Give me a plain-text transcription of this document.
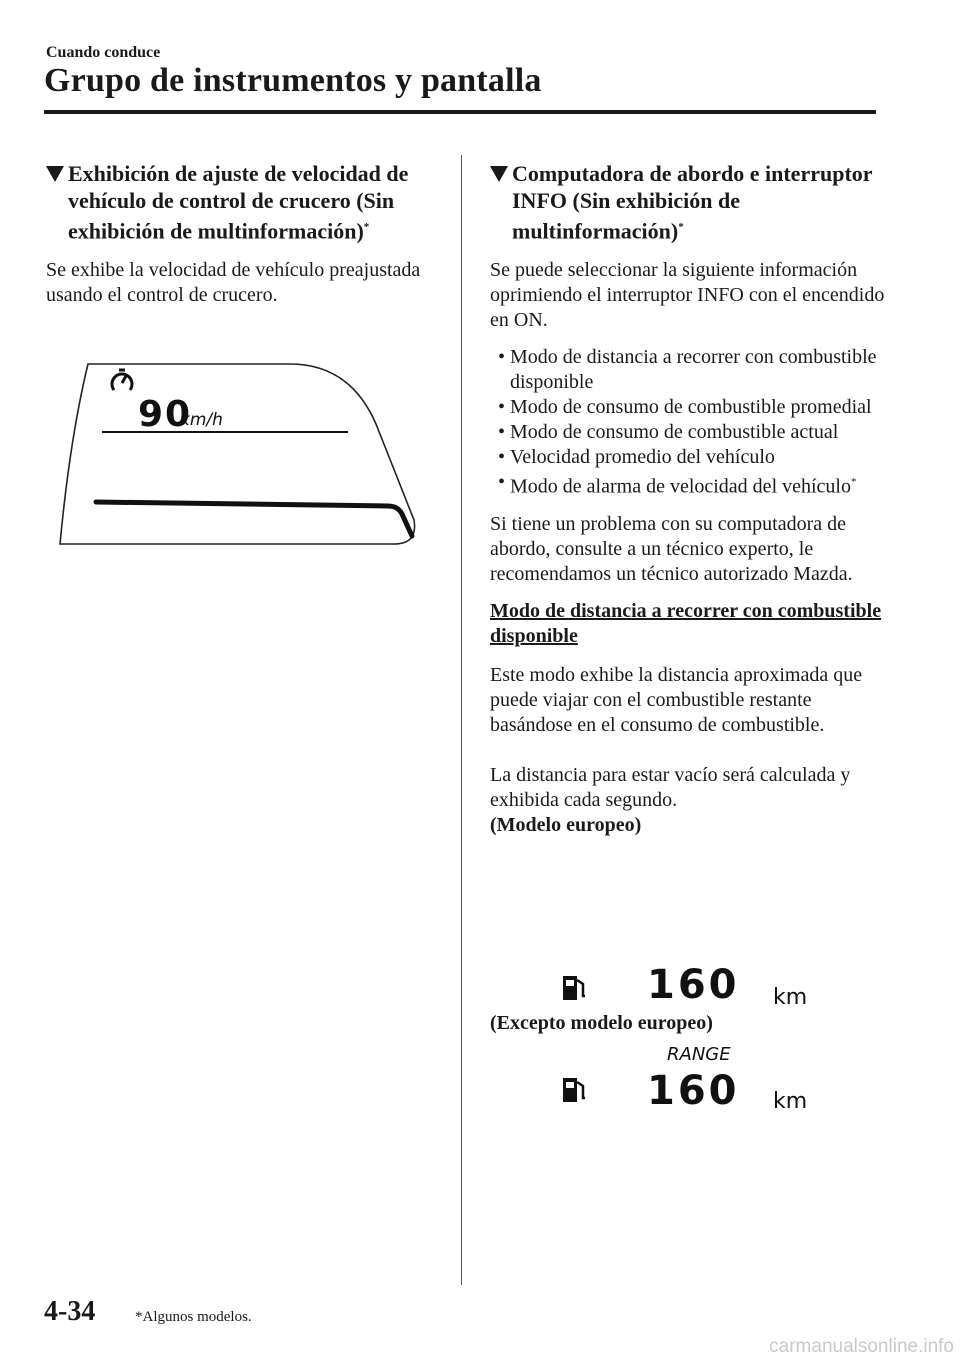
Cuando conduce
Grupo de instrumentos y pantalla
Exhibición de ajuste de velocidad de vehículo de control de crucero (Sin exhibición de multinformación)*

Se exhibe la velocidad de vehículo preajustada usando el control de crucero.

90
km/h
Computadora de abordo e interruptor INFO (Sin exhibición de multinformación)*

Se puede seleccionar la siguiente información oprimiendo el interruptor INFO con el encendido en ON.

• Modo de distancia a recorrer con combustible disponible
• Modo de consumo de combustible promedial
• Modo de consumo de combustible actual
• Velocidad promedio del vehículo
• Modo de alarma de velocidad del vehículo*

Si tiene un problema con su computadora de abordo, consulte a un técnico experto, le recomendamos un técnico autorizado Mazda.

Modo de distancia a recorrer con combustible disponible

Este modo exhibe la distancia aproximada que puede viajar con el combustible restante basándose en el consumo de combustible.

La distancia para estar vacío será calculada y exhibida cada segundo.

(Modelo europeo)
160 km
(Excepto modelo europeo)
RANGE
160 km
4-34	*Algunos modelos.
carmanualsonline.info
